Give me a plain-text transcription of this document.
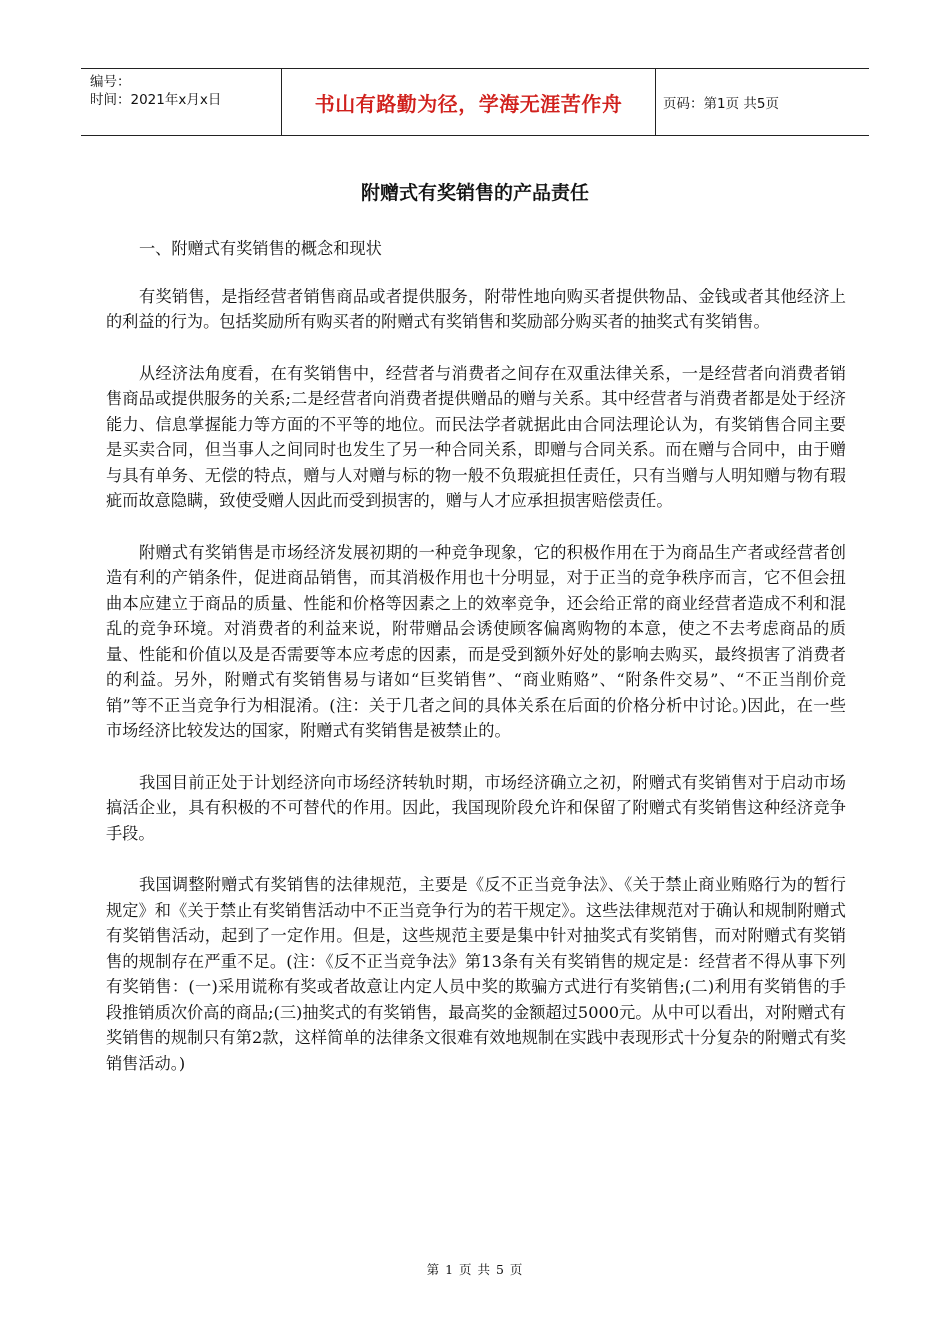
编号：
时间：2021年x月x日	书山有路勤为径，学海无涯苦作舟	页码：第1页 共5页
附赠式有奖销售的产品责任

一、附赠式有奖销售的概念和现状

有奖销售，是指经营者销售商品或者提供服务，附带性地向购买者提供物品、金钱或者其他经济上的利益的行为。包括奖励所有购买者的附赠式有奖销售和奖励部分购买者的抽奖式有奖销售。

从经济法角度看，在有奖销售中，经营者与消费者之间存在双重法律关系，一是经营者向消费者销售商品或提供服务的关系;二是经营者向消费者提供赠品的赠与关系。其中经营者与消费者都是处于经济能力、信息掌握能力等方面的不平等的地位。而民法学者就据此由合同法理论认为，有奖销售合同主要是买卖合同，但当事人之间同时也发生了另一种合同关系，即赠与合同关系。而在赠与合同中，由于赠与具有单务、无偿的特点，赠与人对赠与标的物一般不负瑕疵担任责任，只有当赠与人明知赠与物有瑕疵而故意隐瞒，致使受赠人因此而受到损害的，赠与人才应承担损害赔偿责任。

附赠式有奖销售是市场经济发展初期的一种竞争现象，它的积极作用在于为商品生产者或经营者创造有利的产销条件，促进商品销售，而其消极作用也十分明显，对于正当的竞争秩序而言，它不但会扭曲本应建立于商品的质量、性能和价格等因素之上的效率竞争，还会给正常的商业经营者造成不利和混乱的竞争环境。对消费者的利益来说，附带赠品会诱使顾客偏离购物的本意，使之不去考虑商品的质量、性能和价值以及是否需要等本应考虑的因素，而是受到额外好处的影响去购买，最终损害了消费者的利益。另外，附赠式有奖销售易与诸如“巨奖销售”、“商业贿赂”、“附条件交易”、“不正当削价竞销”等不正当竞争行为相混淆。(注：关于几者之间的具体关系在后面的价格分析中讨论。)因此，在一些市场经济比较发达的国家，附赠式有奖销售是被禁止的。

我国目前正处于计划经济向市场经济转轨时期，市场经济确立之初，附赠式有奖销售对于启动市场搞活企业，具有积极的不可替代的作用。因此，我国现阶段允许和保留了附赠式有奖销售这种经济竞争手段。

我国调整附赠式有奖销售的法律规范，主要是《反不正当竞争法》、《关于禁止商业贿赂行为的暂行规定》和《关于禁止有奖销售活动中不正当竞争行为的若干规定》。这些法律规范对于确认和规制附赠式有奖销售活动，起到了一定作用。但是，这些规范主要是集中针对抽奖式有奖销售，而对附赠式有奖销售的规制存在严重不足。(注：《反不正当竞争法》第13条有关有奖销售的规定是：经营者不得从事下列有奖销售：(一)采用谎称有奖或者故意让内定人员中奖的欺骗方式进行有奖销售;(二)利用有奖销售的手段推销质次价高的商品;(三)抽奖式的有奖销售，最高奖的金额超过5000元。从中可以看出，对附赠式有奖销售的规制只有第2款，这样简单的法律条文很难有效地规制在实践中表现形式十分复杂的附赠式有奖销售活动。)

第 1 页 共 5 页
